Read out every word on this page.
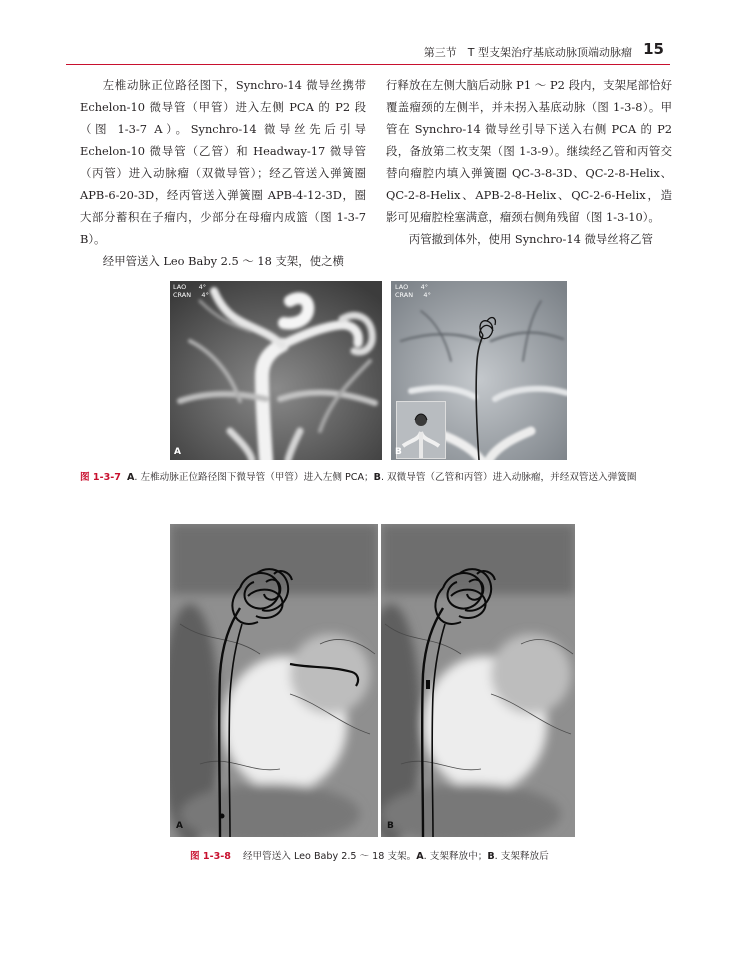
第三节　T 型支架治疗基底动脉顶端动脉瘤 15

左椎动脉正位路径图下，Synchro-14 微导丝携带 Echelon-10 微导管（甲管）进入左侧 PCA 的 P2 段（图 1-3-7 A）。Synchro-14 微导丝先后引导 Echelon-10 微导管（乙管）和 Headway-17 微导管（丙管）进入动脉瘤（双微导管）；经乙管送入弹簧圈 APB-6-20-3D，经丙管送入弹簧圈 APB-4-12-3D，圈大部分蓄积在子瘤内，少部分在母瘤内成篮（图 1-3-7 B）。

经甲管送入 Leo Baby 2.5 ～ 18 支架，使之横

行释放在左侧大脑后动脉 P1 ～ P2 段内，支架尾部恰好覆盖瘤颈的左侧半，并未拐入基底动脉（图 1-3-8）。甲管在 Synchro-14 微导丝引导下送入右侧 PCA 的 P2 段，备放第二枚支架（图 1-3-9）。继续经乙管和丙管交替向瘤腔内填入弹簧圈 QC-3-8-3D、QC-2-8-Helix、QC-2-8-Helix、APB-2-8-Helix、QC-2-6-Helix，造影可见瘤腔栓塞满意，瘤颈右侧角残留（图 1-3-10）。

丙管撤到体外，使用 Synchro-14 微导丝将乙管

LAO      4°
CRAN     4°
A
LAO      4°
CRAN     4°
B
图 1-3-7 A. 左椎动脉正位路径图下微导管（甲管）进入左侧 PCA；B. 双微导管（乙管和丙管）进入动脉瘤，并经双管送入弹簧圈
A	B
图 1-3-8 经甲管送入 Leo Baby 2.5 ～ 18 支架。A. 支架释放中；B. 支架释放后
